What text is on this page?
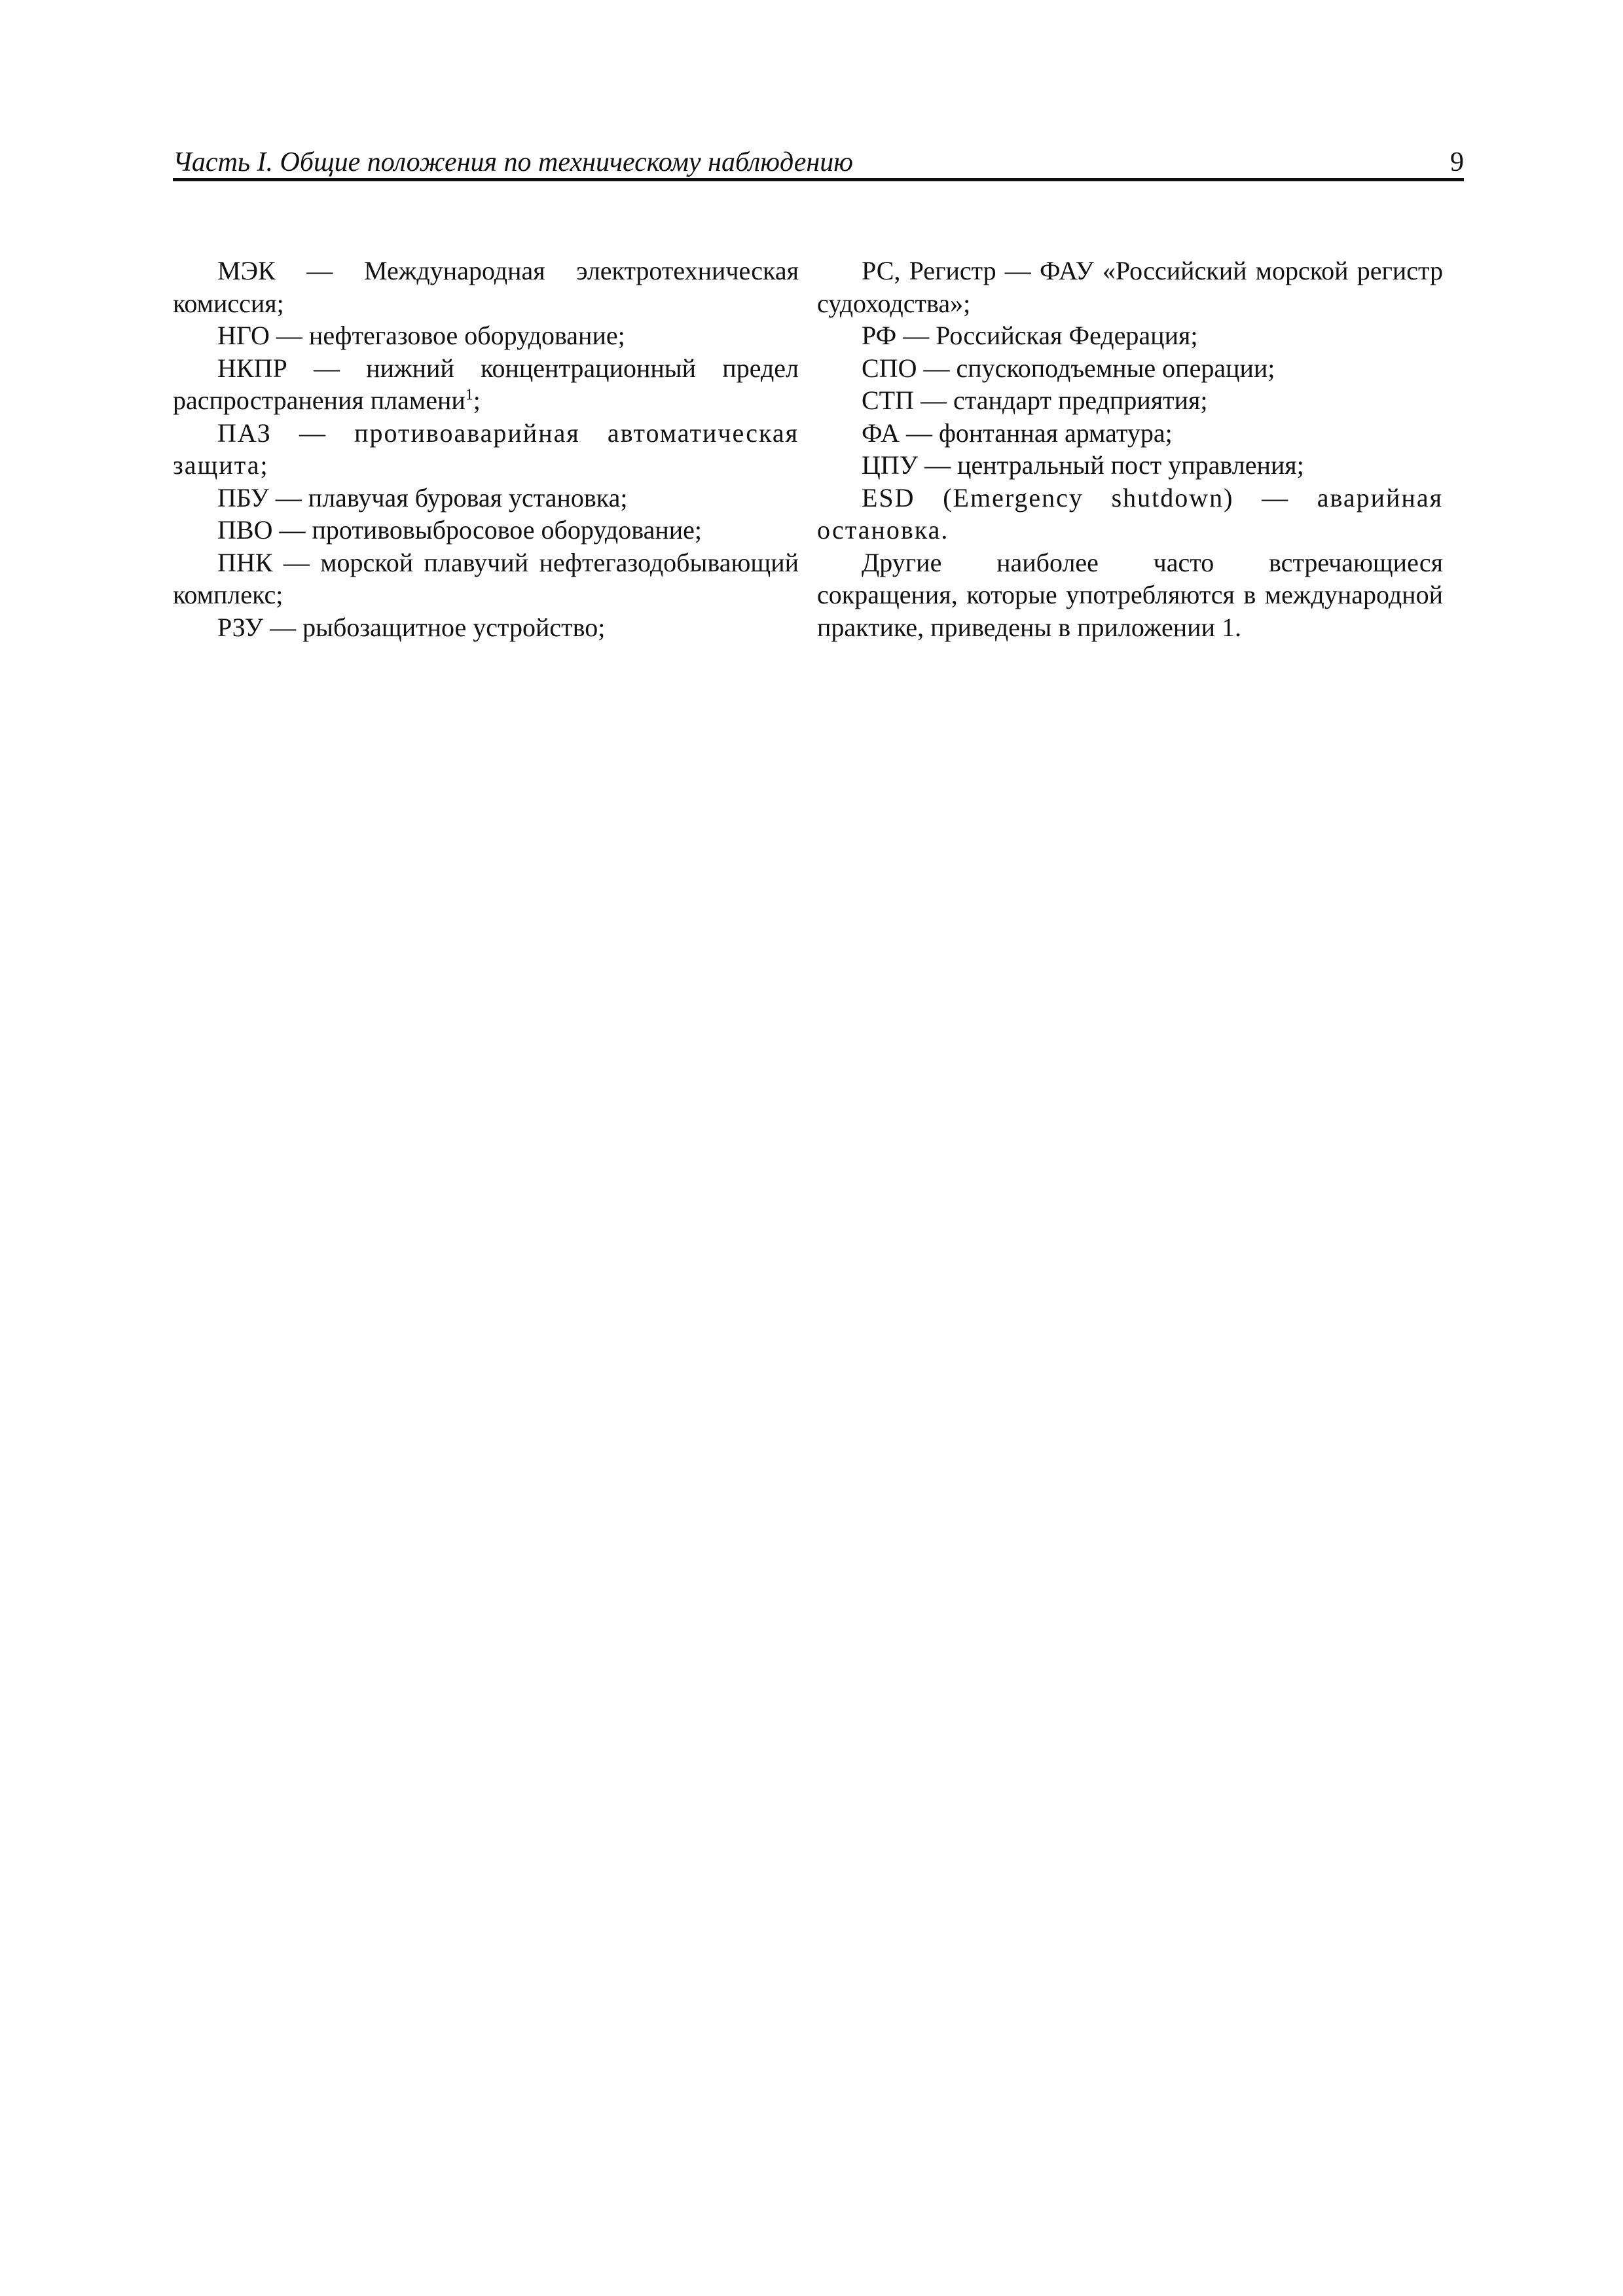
Часть I. Общие положения по техническому наблюдению	9

МЭК — Международная электротехническая комиссия;

НГО — нефтегазовое оборудование;

НКПР — нижний концентрационный предел распространения пламени$^1$;

ПАЗ — противоаварийная автоматическая защита;

ПБУ — плавучая буровая установка;

ПВО — противовыбросовое оборудование;

ПНК — морской плавучий нефтегазодобывающий комплекс;

РЗУ — рыбозащитное устройство;

РС, Регистр — ФАУ «Российский морской регистр судоходства»;

РФ — Российская Федерация;

СПО — спускоподъемные операции;

СТП — стандарт предприятия;

ФА — фонтанная арматура;

ЦПУ — центральный пост управления;

ESD (Emergency shutdown) — аварийная остановка.

Другие наиболее часто встречающиеся сокращения, которые употребляются в международной практике, приведены в приложении 1.
